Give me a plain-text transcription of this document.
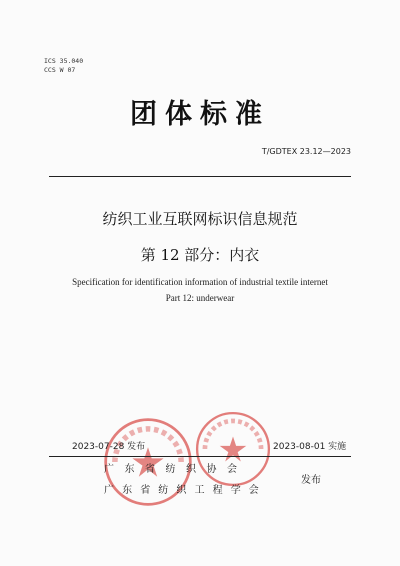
ICS 35.040
CCS W 07
团体标准
T/GDTEX 23.12—2023
纺织工业互联网标识信息规范
第 12 部分：内衣
Specification for identification information of industrial textile internet
Part 12: underwear
2023-07-28 发布	2023-08-01 实施
广东省纺织协会
广东省纺织工程学会
发布
